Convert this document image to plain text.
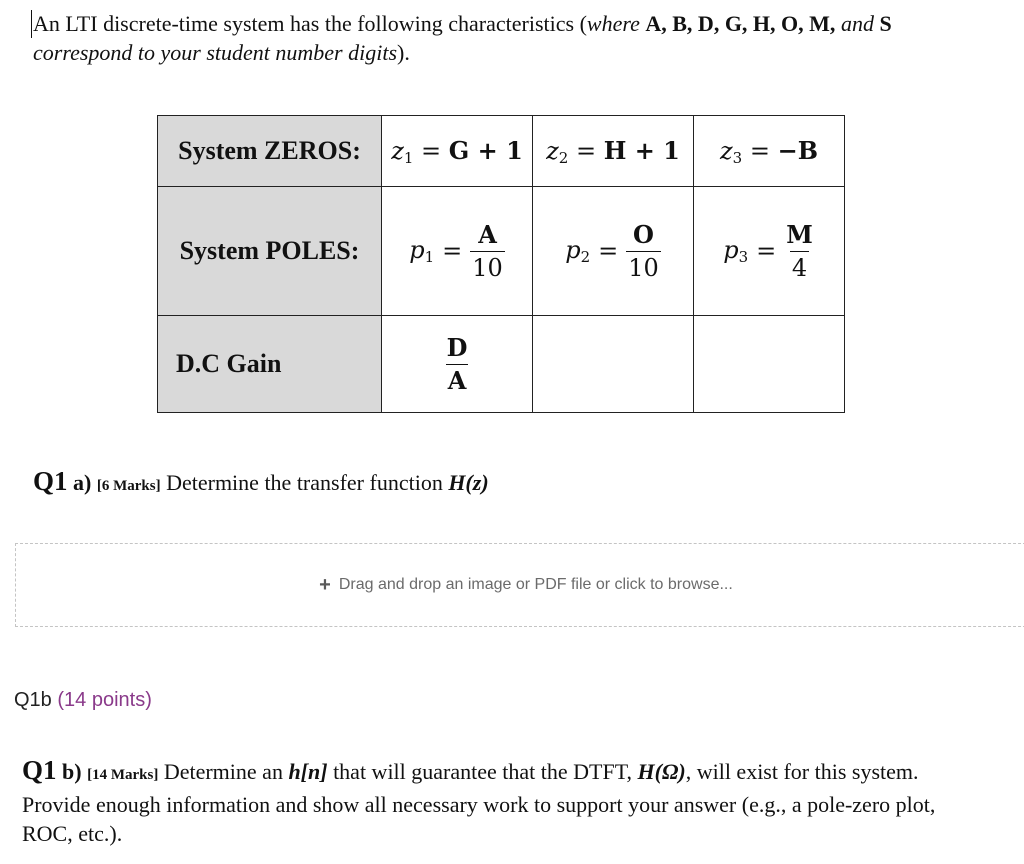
An LTI discrete-time system has the following characteristics (where A, B, D, G, H, O, M, and S correspond to your student number digits).

System ZEROS:	$z_1 = G + 1$	$z_2 = H + 1$	$z_3 = -B$
System POLES:	$p_1 = \frac{A}{10}$	$p_2 = \frac{O}{10}$	$p_3 = \frac{M}{4}$

D.C Gain	$\frac{D}{A}$

Q1 a) [6 Marks] Determine the transfer function H(z)

+ Drag and drop an image or PDF file or click to browse...

Q1b (14 points)

Q1 b) [14 Marks] Determine an h[n] that will guarantee that the DTFT, H(Ω), will exist for this system. Provide enough information and show all necessary work to support your answer (e.g., a pole-zero plot, ROC, etc.).
